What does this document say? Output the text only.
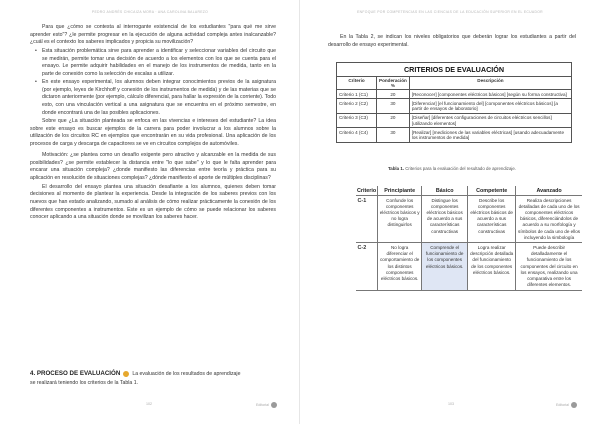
PEDRO ANDRÉS CHICAIZA MORA · ANA CAROLINA BALAREZO

Para que ¿cómo se contesta al interrogante existencial de los estudiantes "para qué me sirve aprender esto"? ¿le permite progresar en la ejecución de alguna actividad compleja antes inalcanzable? ¿cuál es el contexto los saberes implicados y propicia su movilización?

• Esta situación problemática sirve para aprender a identificar y seleccionar variables del circuito que se medirán, permite tomar una decisión de acuerdo a los elementos con los que se cuenta para el ensayo. Le permite adquirir habilidades en el manejo de los instrumentos de medida, tanto en la parte de conexión como la selección de escalas a utilizar.
• En este ensayo experimental, los alumnos deben integrar conocimientos previos de la asignatura (por ejemplo, leyes de Kirchhoff y conexión de los instrumentos de medida) y de las materias que se dictaron anteriormente (por ejemplo, cálculo diferencial, para hallar la expresión de la corriente). Todo esto, con una vinculación vertical a una asignatura que se encuentra en el próximo semestre, en donde encontrará una de las posibles aplicaciones.

Sobre que ¿La situación planteada se enfoca en las vivencias e intereses del estudiante? La idea sobre este ensayo es buscar ejemplos de la carrera para poder involucrar a los alumnos sobre la utilización de los circuitos RC en ejemplos que encontrarán en su vida profesional. Una aplicación de los procesos de carga y descarga de capacitores se ve en circuitos complejos de automóviles.

Motivación: ¿se plantea como un desafío exigente pero atractivo y alcanzable en la medida de sus posibilidades? ¿se permite establecer la distancia entre "lo que sabe" y lo que le falta aprender para encarar una situación compleja? ¿donde manifiesto las diferencias entre teoría y práctica para su aplicación en resolución de situaciones complejas? ¿dónde manifiesto el aporte de múltiples disciplinas?

El desarrollo del ensayo plantea una situación desafiante a los alumnos, quienes deben tomar decisiones al momento de plantear la experiencia. Desde la integración de los saberes previos con los nuevos que han estado analizando, sumado al análisis de cómo realizar prácticamente la conexión de los diferentes componentes a instrumentos. Este es un ejemplo de cómo se puede relacionar los saberes conocer aplicando a una situación donde se movilizan los saberes hacer.

4. PROCESO DE EVALUACIÓN La evaluación de los resultados de aprendizaje
se realizará teniendo los criterios de la Tabla 1.
102	Editorial
ENFOQUE POR COMPETENCIAS EN LAS CIENCIAS DE LA EDUCACIÓN SUPERIOR EN EL ECUADOR
103	Editorial
En la Tabla 2, se indican los niveles obligatorios que deberán lograr los estudiantes a partir del desarrollo de ensayo experimental.
CRITERIOS DE EVALUACIÓN		
Criterio	Ponderación %	Descripción
Criterio 1 (C1)	20	[Reconocer] [componentes eléctricos básicos] [según su forma constructiva]
Criterio 2 (C2)	30	[Diferenciar] [el funcionamiento del] [componentes eléctricos básicos] [a partir de ensayos de laboratorio]
Criterio 3 (C3)	20	[Diseñar] [diferentes configuraciones de circuitos eléctricos sencillos] [utilizando elementos]
Criterio 4 (C4)	30	[Realizar] [mediciones de las variables eléctricas] [usando adecuadamente los instrumentos de medida]
Tabla 1. Criterios para la evaluación del resultado de aprendizaje.
Criterio	Principiante	Básico	Competente	Avanzado
C-1	Confunde los componentes eléctricos básicos y no logra distinguirlos	Distingue los componentes eléctricos básicos de acuerdo a sus características constructivas	Describe los componentes eléctricos básicos de acuerdo a sus características constructivas	Realiza descripciones detalladas de cada uno de los componentes eléctricos básicos, diferenciándolos de acuerdo a su morfología y símbolos de cada uno de ellos incluyendo la simbología
C-2	No logra diferenciar el comportamiento de los distintos componentes eléctricos básicos.	Comprende el funcionamiento de los componentes eléctricos básicos.	Logra realizar descripción detallada del funcionamiento de los componentes eléctricos básicos.	Puede describir detalladamente el funcionamiento de los componentes del circuito en los ensayos, realizando una comparativa entre los diferentes elementos.
